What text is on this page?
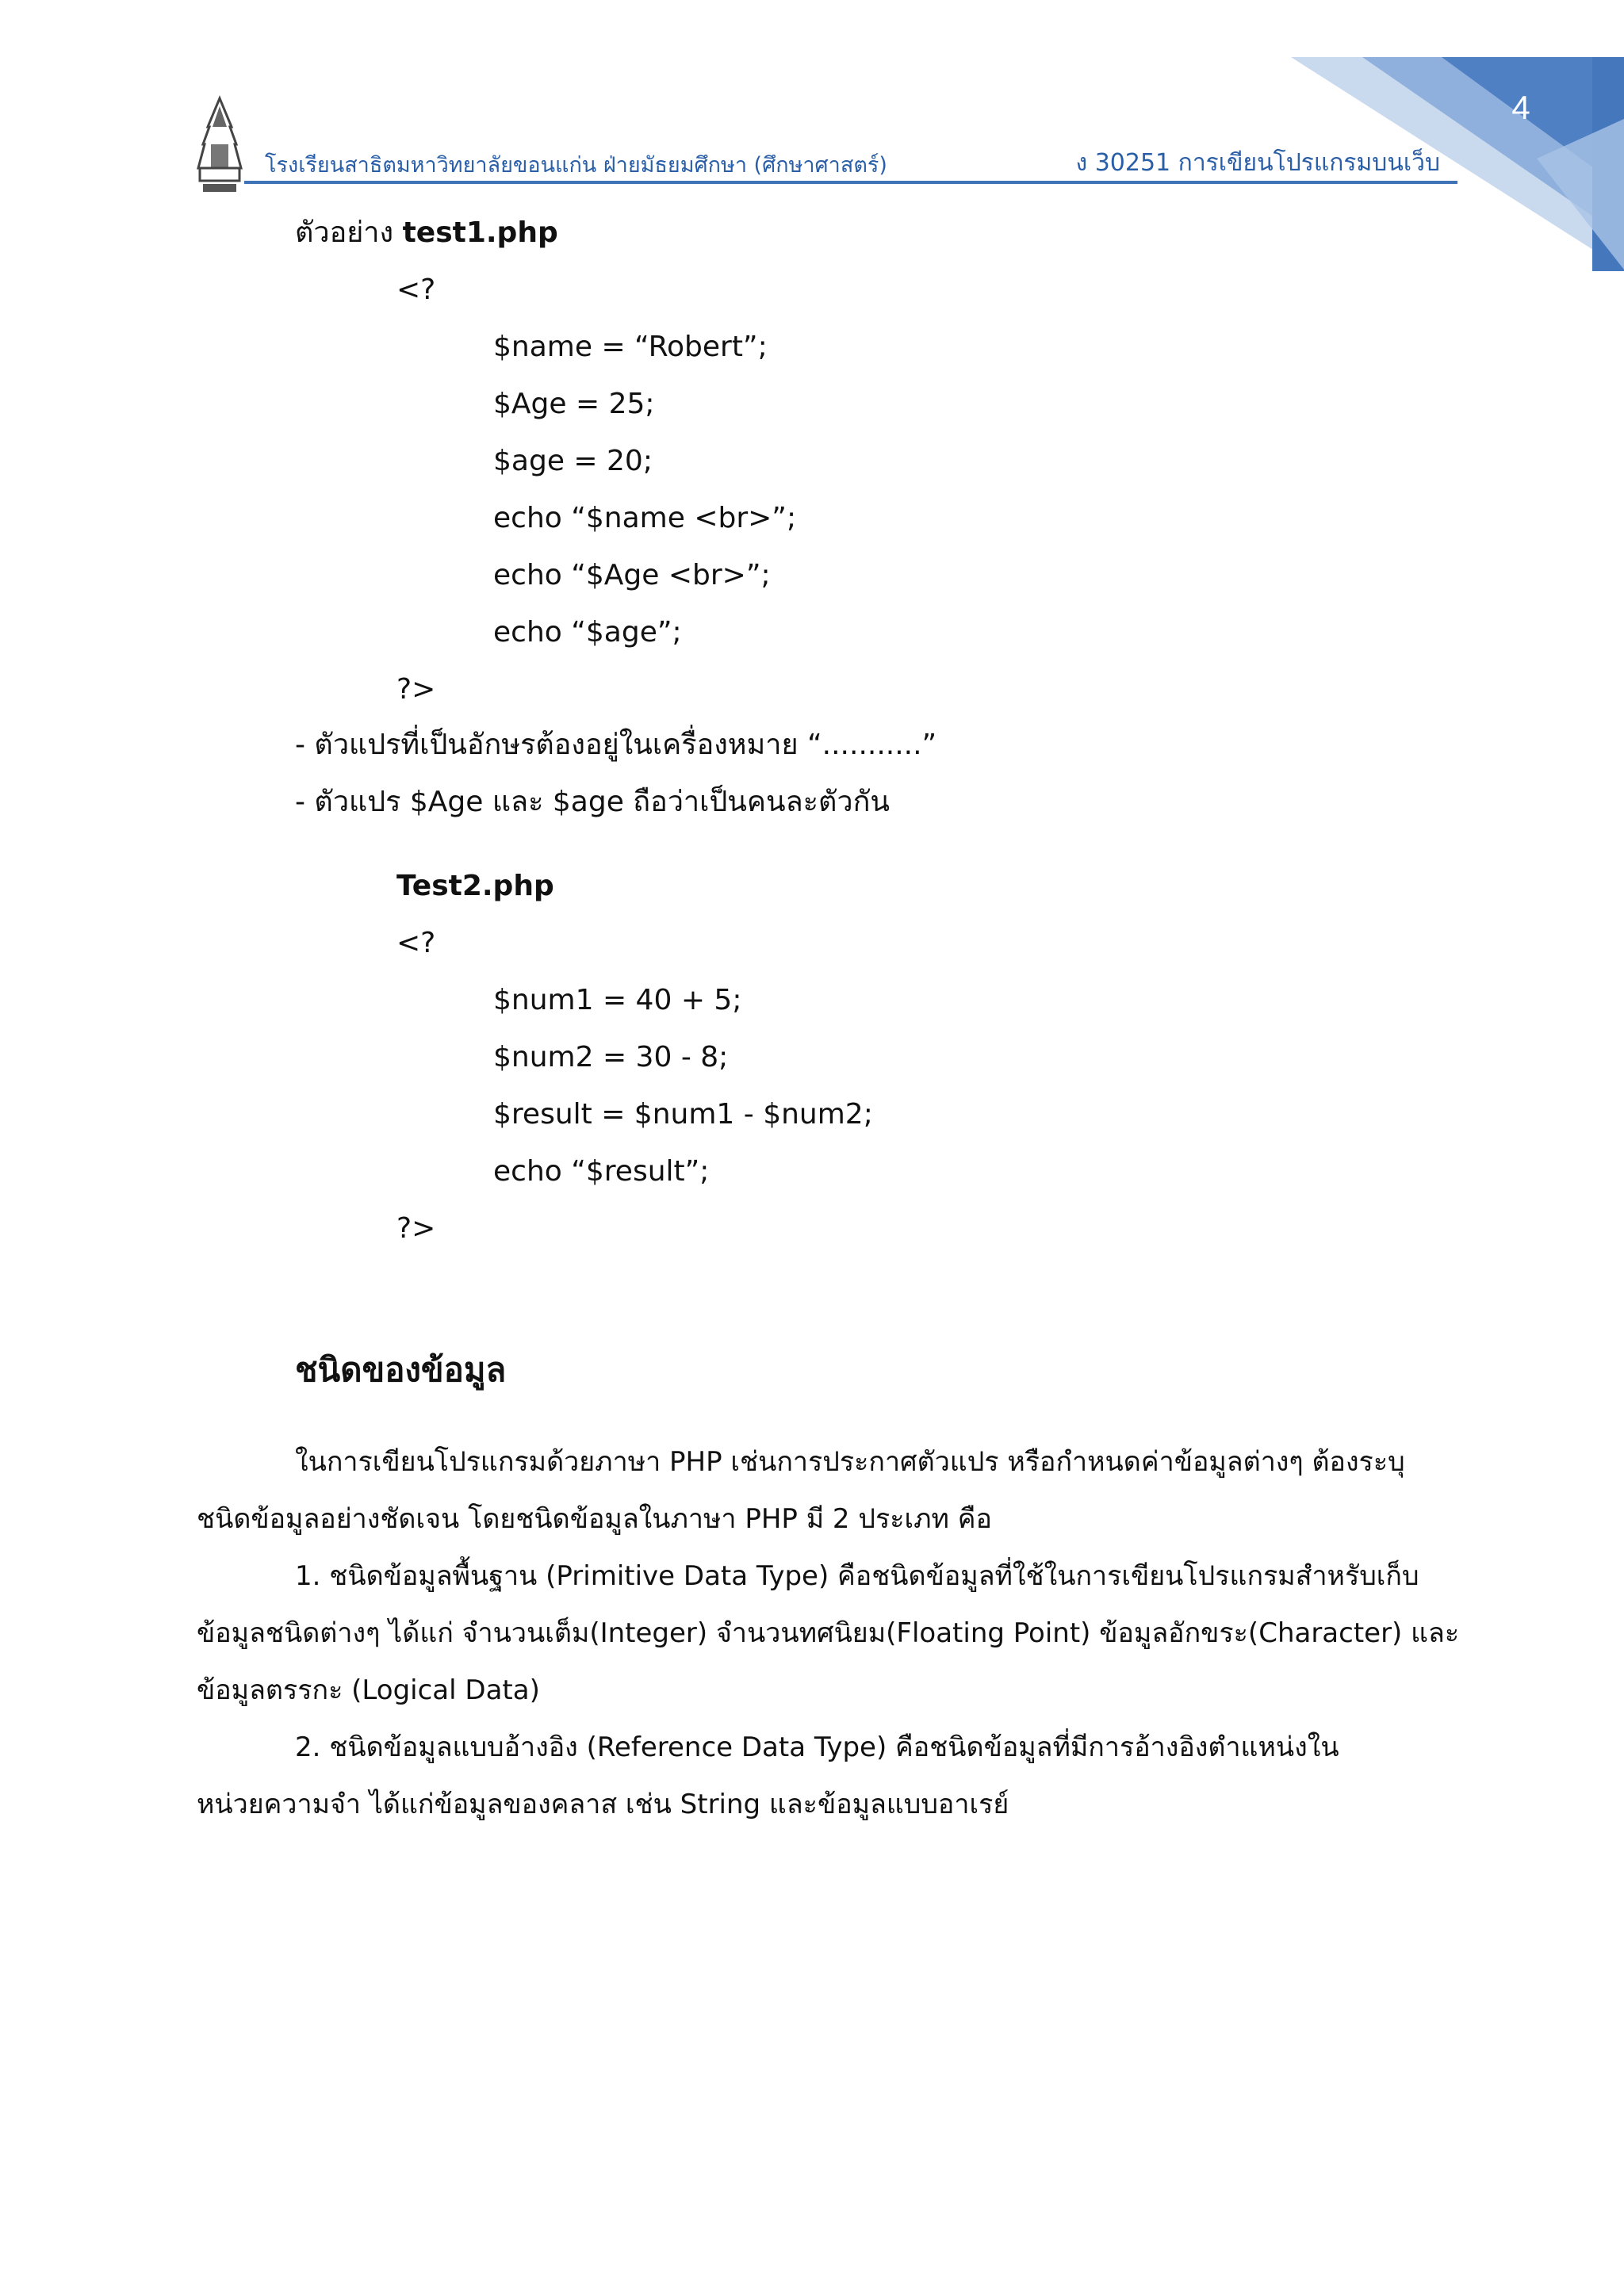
4
โรงเรียนสาธิตมหาวิทยาลัยขอนแก่น ฝ่ายมัธยมศึกษา (ศึกษาศาสตร์)	ง 30251 การเขียนโปรแกรมบนเว็บ
ตัวอย่าง test1.php
<?
$name = “Robert”;
$Age = 25;
$age = 20;
echo “$name <br>”;
echo “$Age <br>”;
echo “$age”;
?>
- ตัวแปรที่เป็นอักษรต้องอยู่ในเครื่องหมาย “...........”
- ตัวแปร $Age และ $age ถือว่าเป็นคนละตัวกัน
Test2.php
<?
$num1 = 40 + 5;
$num2 = 30 - 8;
$result = $num1 - $num2;
echo “$result”;
?>
ชนิดของข้อมูล
ในการเขียนโปรแกรมด้วยภาษา PHP เช่นการประกาศตัวแปร หรือกำหนดค่าข้อมูลต่างๆ ต้องระบุ
ชนิดข้อมูลอย่างชัดเจน โดยชนิดข้อมูลในภาษา PHP มี 2 ประเภท คือ
1. ชนิดข้อมูลพื้นฐาน (Primitive Data Type) คือชนิดข้อมูลที่ใช้ในการเขียนโปรแกรมสำหรับเก็บ
ข้อมูลชนิดต่างๆ ได้แก่ จำนวนเต็ม(Integer) จำนวนทศนิยม(Floating Point) ข้อมูลอักขระ(Character) และ
ข้อมูลตรรกะ (Logical Data)
2. ชนิดข้อมูลแบบอ้างอิง (Reference Data Type) คือชนิดข้อมูลที่มีการอ้างอิงตำแหน่งใน
หน่วยความจำ ได้แก่ข้อมูลของคลาส เช่น String และข้อมูลแบบอาเรย์
